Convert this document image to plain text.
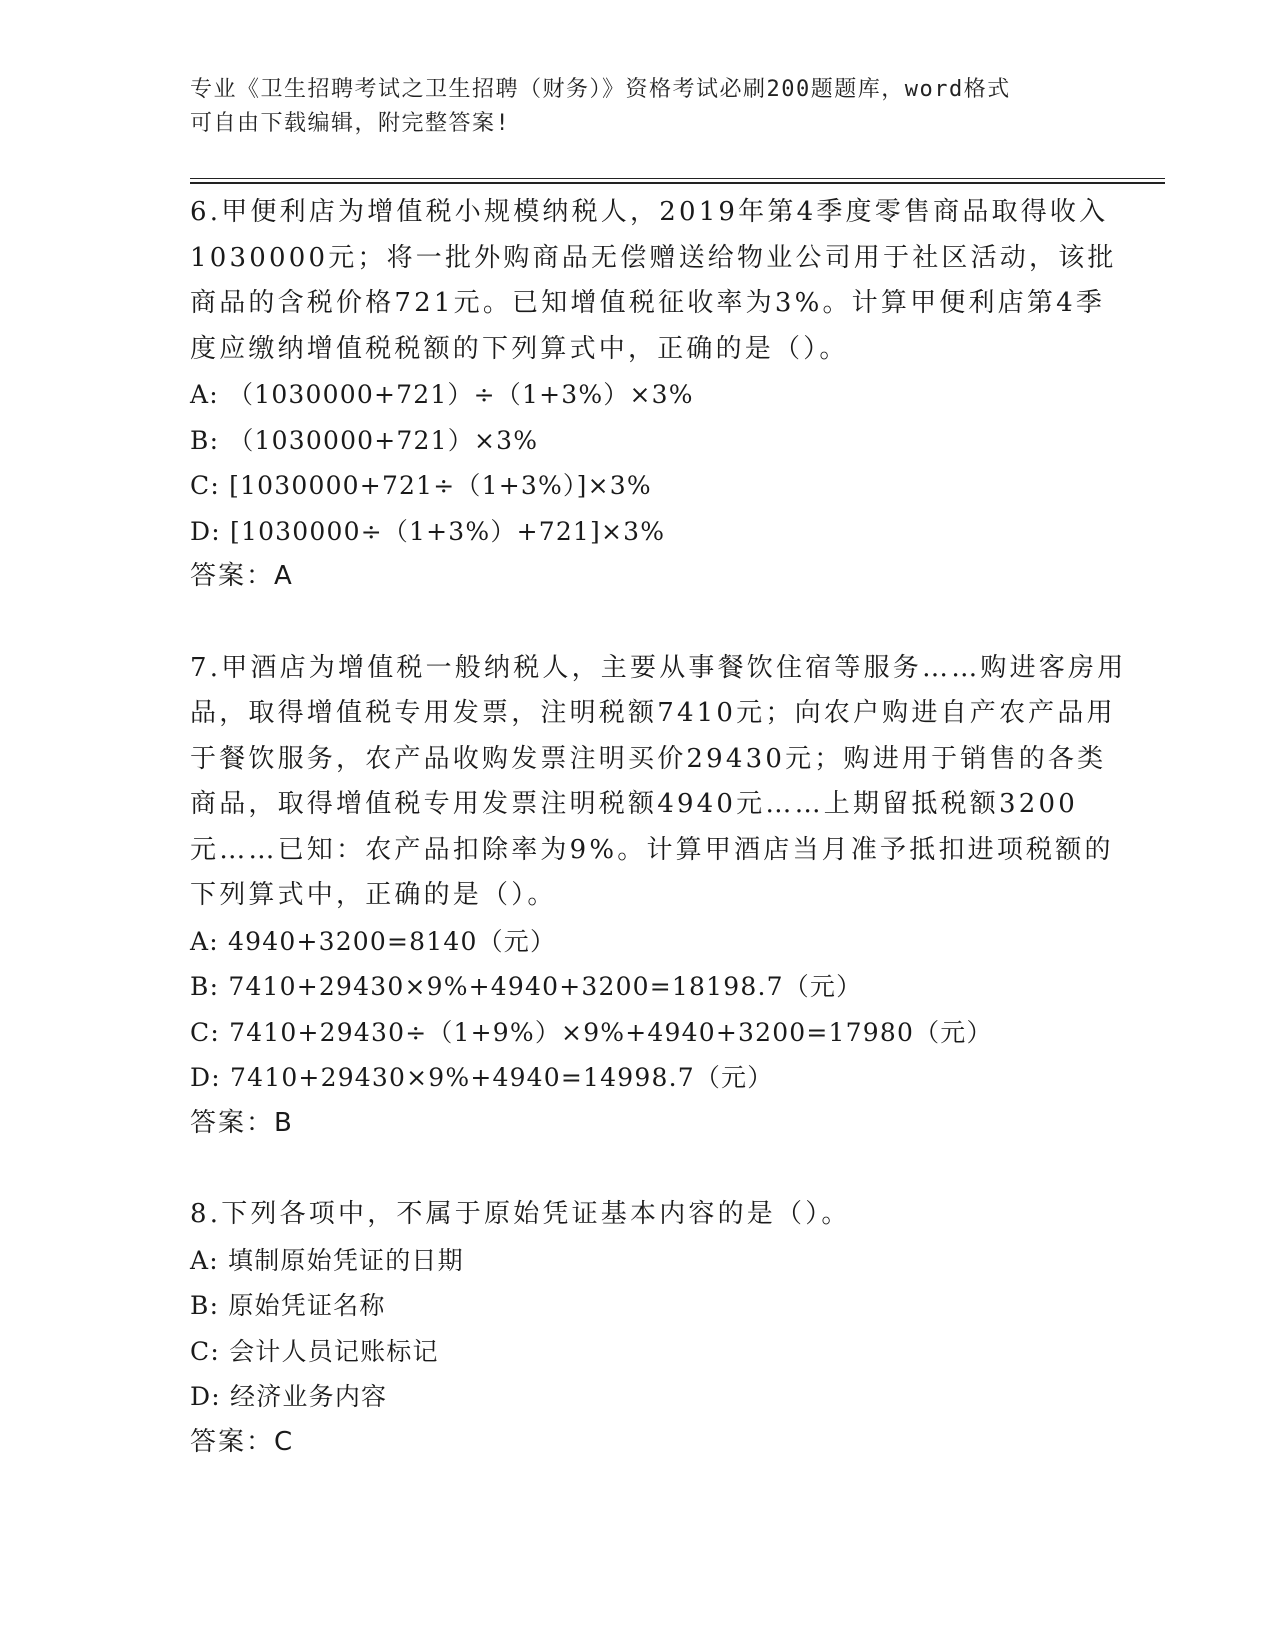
专业《卫生招聘考试之卫生招聘（财务）》资格考试必刷200题题库，word格式
可自由下载编辑，附完整答案!

6.甲便利店为增值税小规模纳税人，2019年第4季度零售商品取得收入1030000元；将一批外购商品无偿赠送给物业公司用于社区活动，该批商品的含税价格721元。已知增值税征收率为3%。计算甲便利店第4季度应缴纳增值税税额的下列算式中，正确的是（）。

A: （1030000+721）÷（1+3%）×3%

B: （1030000+721）×3%

C: [1030000+721÷（1+3%）]×3%

D: [1030000÷（1+3%）+721]×3%

答案：A

7.甲酒店为增值税一般纳税人，主要从事餐饮住宿等服务……购进客房用品，取得增值税专用发票，注明税额7410元；向农户购进自产农产品用于餐饮服务，农产品收购发票注明买价29430元；购进用于销售的各类商品，取得增值税专用发票注明税额4940元……上期留抵税额3200元……已知：农产品扣除率为9%。计算甲酒店当月准予抵扣进项税额的下列算式中，正确的是（）。

A: 4940+3200=8140（元）

B: 7410+29430×9%+4940+3200=18198.7（元）

C: 7410+29430÷（1+9%）×9%+4940+3200=17980（元）

D: 7410+29430×9%+4940=14998.7（元）

答案：B

8.下列各项中，不属于原始凭证基本内容的是（）。

A: 填制原始凭证的日期

B: 原始凭证名称

C: 会计人员记账标记

D: 经济业务内容

答案：C
